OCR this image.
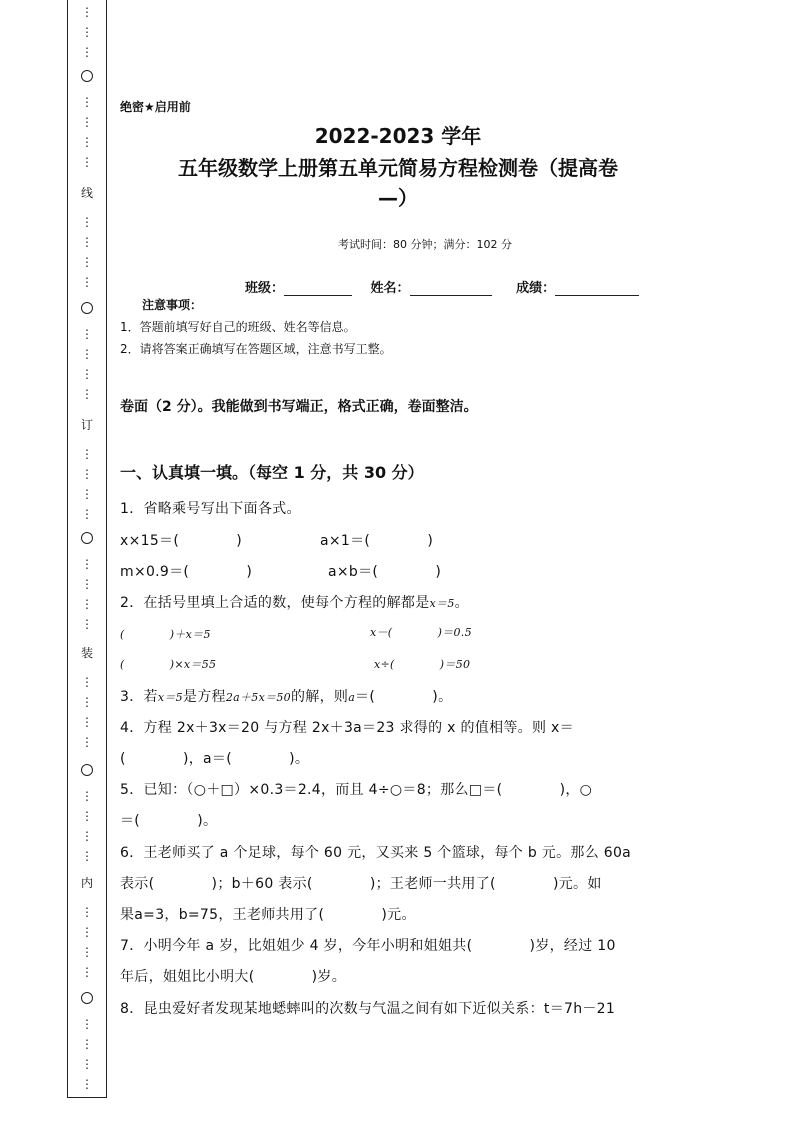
⋮
⋮
⋮
⋮
⋮
⋮
⋮
线
⋮
⋮
⋮
⋮
⋮
⋮
⋮
⋮
订
⋮
⋮
⋮
⋮
⋮
⋮
⋮
⋮
装
⋮
⋮
⋮
⋮
⋮
⋮
⋮
⋮
内
⋮
⋮
⋮
⋮
⋮
⋮
⋮
⋮
绝密★启用前
2022-2023 学年
五年级数学上册第五单元简易方程检测卷（提高卷
—）
考试时间：80 分钟；满分：102 分
班级：	姓名：	成绩：
注意事项：
1．答题前填写好自己的班级、姓名等信息。
2．请将答案正确填写在答题区域，注意书写工整。
卷面（2 分）。我能做到书写端正，格式正确，卷面整洁。
一、认真填一填。（每空 1 分，共 30 分）
1．省略乘号写出下面各式。
x×15＝(　　　　)	a×1＝(　　　　)
m×0.9＝(　　　　)	a×b＝(　　　　)
2．在括号里填上合适的数，使每个方程的解都是x＝5。
(　　　　)＋x＝5	x－(　　　　)＝0.5
(　　　　)×x＝55	x÷(　　　　)＝50
3．若x＝5是方程2a＋5x＝50的解，则a＝(　　　　)。
4．方程 2x＋3x＝20 与方程 2x＋3a＝23 求得的 x 的值相等。则 x＝
(　　　　)，a＝(　　　　)。
5．已知：（○＋□）×0.3＝2.4，而且 4÷○＝8；那么□＝(　　　　)，○
＝(　　　　)。
6．王老师买了 a 个足球，每个 60 元，又买来 5 个篮球，每个 b 元。那么 60a
表示(　　　　)；b＋60 表示(　　　　)；王老师一共用了(　　　　)元。如
果a=3，b=75，王老师共用了(　　　　)元。
7．小明今年 a 岁，比姐姐少 4 岁，今年小明和姐姐共(　　　　)岁，经过 10
年后，姐姐比小明大(　　　　)岁。
8．昆虫爱好者发现某地蟋蟀叫的次数与气温之间有如下近似关系：t＝7h－21
